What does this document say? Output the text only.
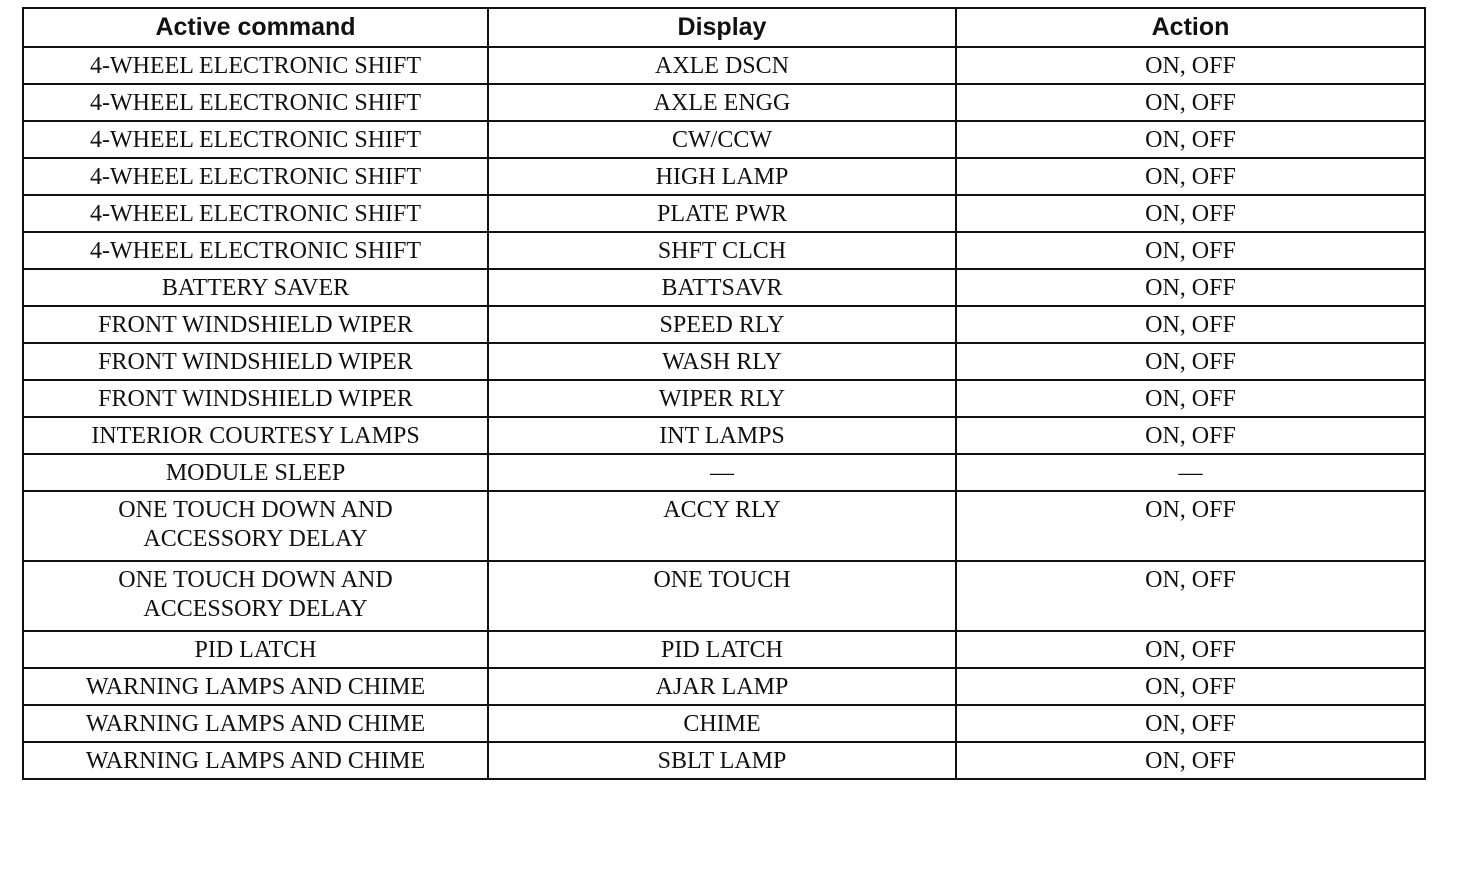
Active command	Display	Action
4-WHEEL ELECTRONIC SHIFT	AXLE DSCN	ON, OFF
4-WHEEL ELECTRONIC SHIFT	AXLE ENGG	ON, OFF
4-WHEEL ELECTRONIC SHIFT	CW/CCW	ON, OFF
4-WHEEL ELECTRONIC SHIFT	HIGH LAMP	ON, OFF
4-WHEEL ELECTRONIC SHIFT	PLATE PWR	ON, OFF
4-WHEEL ELECTRONIC SHIFT	SHFT CLCH	ON, OFF
BATTERY SAVER	BATTSAVR	ON, OFF
FRONT WINDSHIELD WIPER	SPEED RLY	ON, OFF
FRONT WINDSHIELD WIPER	WASH RLY	ON, OFF
FRONT WINDSHIELD WIPER	WIPER RLY	ON, OFF
INTERIOR COURTESY LAMPS	INT LAMPS	ON, OFF
MODULE SLEEP	—	—
ONE TOUCH DOWN AND
ACCESSORY DELAY	ACCY RLY	ON, OFF
ONE TOUCH DOWN AND
ACCESSORY DELAY	ONE TOUCH	ON, OFF
PID LATCH	PID LATCH	ON, OFF
WARNING LAMPS AND CHIME	AJAR LAMP	ON, OFF
WARNING LAMPS AND CHIME	CHIME	ON, OFF
WARNING LAMPS AND CHIME	SBLT LAMP	ON, OFF
